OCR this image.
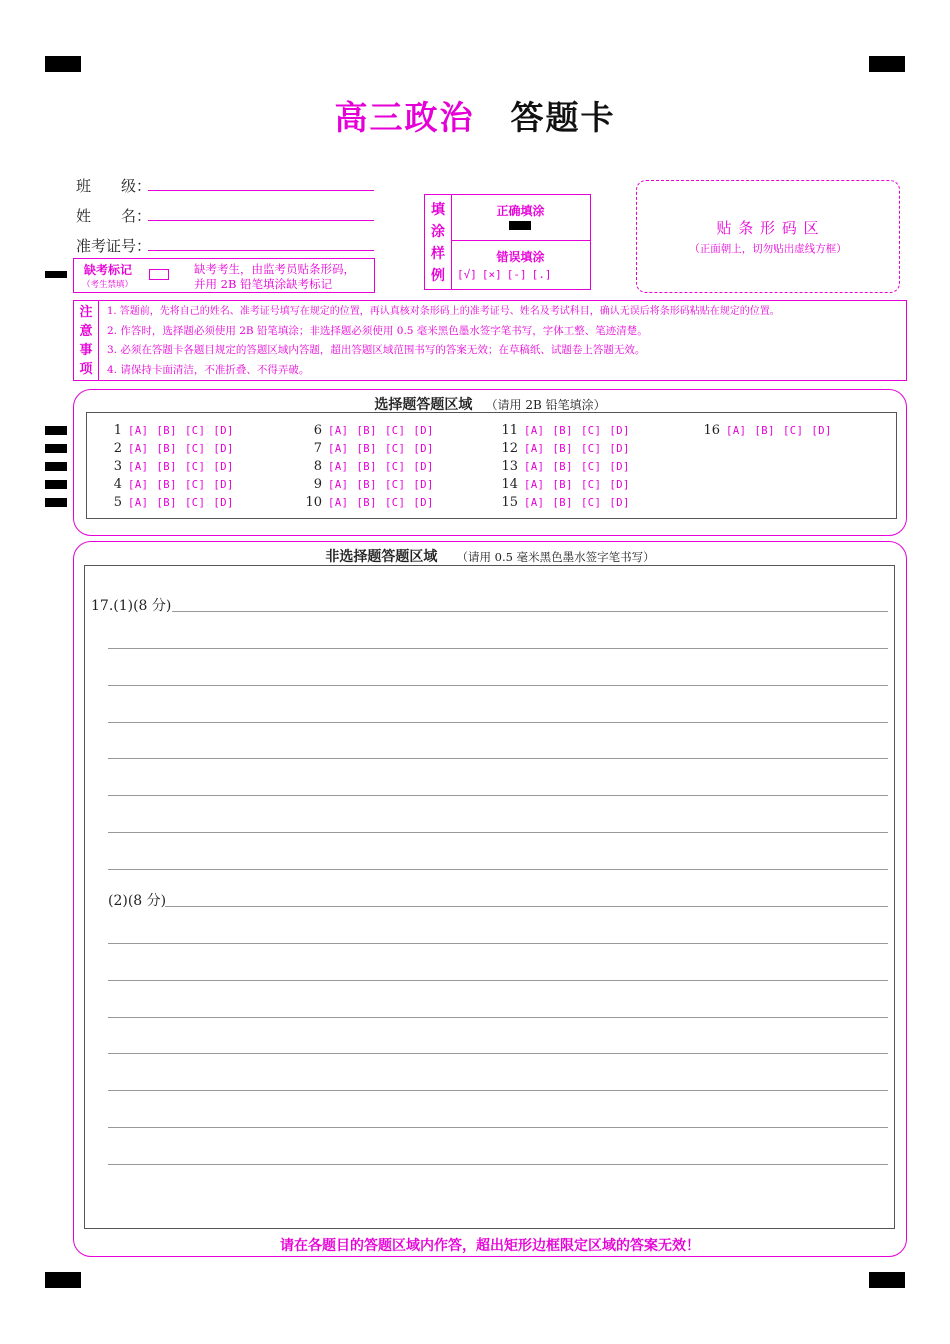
高三政治 答题卡
班　　级：
姓　　名：
准考证号：
缺考标记
（考生禁填）
缺考考生，由监考员贴条形码，
并用 2B 铅笔填涂缺考标记
填
涂
样
例
正确填涂
错误填涂
[√] [×] [-] [.]
贴 条 形 码 区
（正面朝上，切勿贴出虚线方框）
注
意
事
项
1. 答题前，先将自己的姓名、准考证号填写在规定的位置，再认真核对条形码上的准考证号、姓名及考试科目，确认无误后将条形码粘贴在规定的位置。
2. 作答时，选择题必须使用 2B 铅笔填涂；非选择题必须使用 0.5 毫米黑色墨水签字笔书写，字体工整、笔迹清楚。
3. 必须在答题卡各题目规定的答题区域内答题，超出答题区域范围书写的答案无效；在草稿纸、试题卷上答题无效。
4. 请保持卡面清洁，不准折叠、不得弄破。
选择题答题区域 （请用 2B 铅笔填涂）
1 [A] [B] [C] [D]
2 [A] [B] [C] [D]
3 [A] [B] [C] [D]
4 [A] [B] [C] [D]
5 [A] [B] [C] [D]
6 [A] [B] [C] [D]
7 [A] [B] [C] [D]
8 [A] [B] [C] [D]
9 [A] [B] [C] [D]
10 [A] [B] [C] [D]
11 [A] [B] [C] [D]
12 [A] [B] [C] [D]
13 [A] [B] [C] [D]
14 [A] [B] [C] [D]
15 [A] [B] [C] [D]
16 [A] [B] [C] [D]
非选择题答题区域 （请用 0.5 毫米黑色墨水签字笔书写）
17.(1)(8 分)
(2)(8 分)
请在各题目的答题区域内作答，超出矩形边框限定区域的答案无效！
